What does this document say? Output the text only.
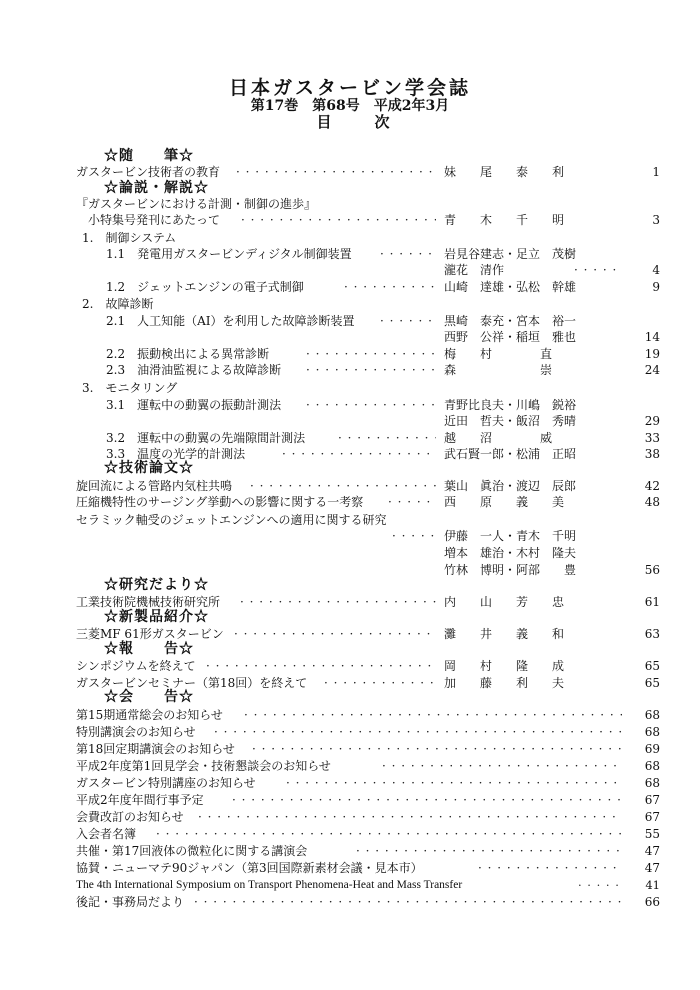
日本ガスタービン学会誌
第17巻　第68号　平成2年3月
目　次
☆随　　筆☆
☆論説・解説☆
☆技術論文☆
☆研究だより☆
☆新製品紹介☆
☆報　　告☆
☆会　　告☆
ガスタービン技術者の教育 · · ·	妹　　尾　　泰　　利	1
『ガスタービンにおける計測・制御の進歩』
小特集号発刊にあたって · · ·	青　　木　　千　　明	3
1.　制御システム
1.1　発電用ガスタービンディジタル制御装置 · · ·	岩見谷建志・足立　茂樹
瀧花　清作 · · ·	4
1.2　ジェットエンジンの電子式制御 · · ·	山崎　達雄・弘松　幹雄	9
2.　故障診断
2.1　人工知能（AI）を利用した故障診断装置 · · ·	黒崎　泰充・宮本　裕一
西野　公祥・稲垣　雅也	14
2.2　振動検出による異常診断 · · ·	梅　　村　　　　直	19
2.3　油滑油監視による故障診断 · · ·	森　　　　　　　崇	24
3.　モニタリング
3.1　運転中の動翼の振動計測法 · · ·	青野比良夫・川嶋　鋭裕
近田　哲夫・飯沼　秀晴	29
3.2　運転中の動翼の先端隙間計測法 · · ·	越　　沼　　　　威	33
3.3　温度の光学的計測法 · · ·	武石賢一郎・松浦　正昭	38
旋回流による管路内気柱共鳴 · · ·	葉山　眞治・渡辺　辰郎	42
圧縮機特性のサージング挙動への影響に関する一考察 · · ·	西　　原　　義　　美	48
セラミック軸受のジェットエンジンへの適用に関する研究
· · ·
伊藤　一人・青木　千明
増本　雄治・木村　隆夫
竹林　博明・阿部　　豊	56
工業技術院機械技術研究所 · · ·	内　　山　　芳　　忠	61
三菱MF 61形ガスタービン · · ·	灘　　井　　義　　和	63
シンポジウムを終えて · · ·	岡　　村　　隆　　成	65
ガスタービンセミナー（第18回）を終えて · · ·	加　　藤　　利　　夫	65
第15期通常総会のお知らせ · · ·	68
特別講演会のお知らせ · · ·	68
第18回定期講演会のお知らせ · · ·	69
平成2年度第1回見学会・技術懇談会のお知らせ · · ·	68
ガスタービン特別講座のお知らせ · · ·	68
平成2年度年間行事予定 · · ·	67
会費改訂のお知らせ · · ·	67
入会者名簿 · · ·	55
共催・第17回液体の微粒化に関する講演会 · · ·	47
協賛・ニューマテ90ジャパン（第3回国際新素材会議・見本市） · · ·	47
The 4th International Symposium on Transport Phenomena-Heat and Mass Transfer · · ·	41
後記・事務局だより · · ·	66
